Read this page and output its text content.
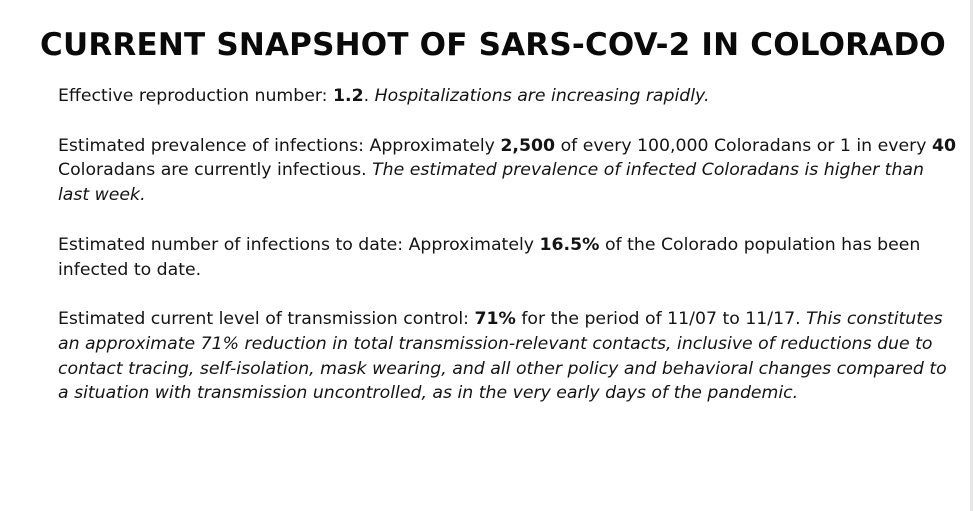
CURRENT SNAPSHOT OF SARS-COV-2 IN COLORADO

Effective reproduction number: 1.2. Hospitalizations are increasing rapidly.

Estimated prevalence of infections: Approximately 2,500 of every 100,000 Coloradans or 1 in every 40 Coloradans are currently infectious. The estimated prevalence of infected Coloradans is higher than last week.

Estimated number of infections to date: Approximately 16.5% of the Colorado population has been infected to date.

Estimated current level of transmission control: 71% for the period of 11/07 to 11/17. This constitutes an approximate 71% reduction in total transmission-relevant contacts, inclusive of reductions due to contact tracing, self-isolation, mask wearing, and all other policy and behavioral changes compared to a situation with transmission uncontrolled, as in the very early days of the pandemic.
